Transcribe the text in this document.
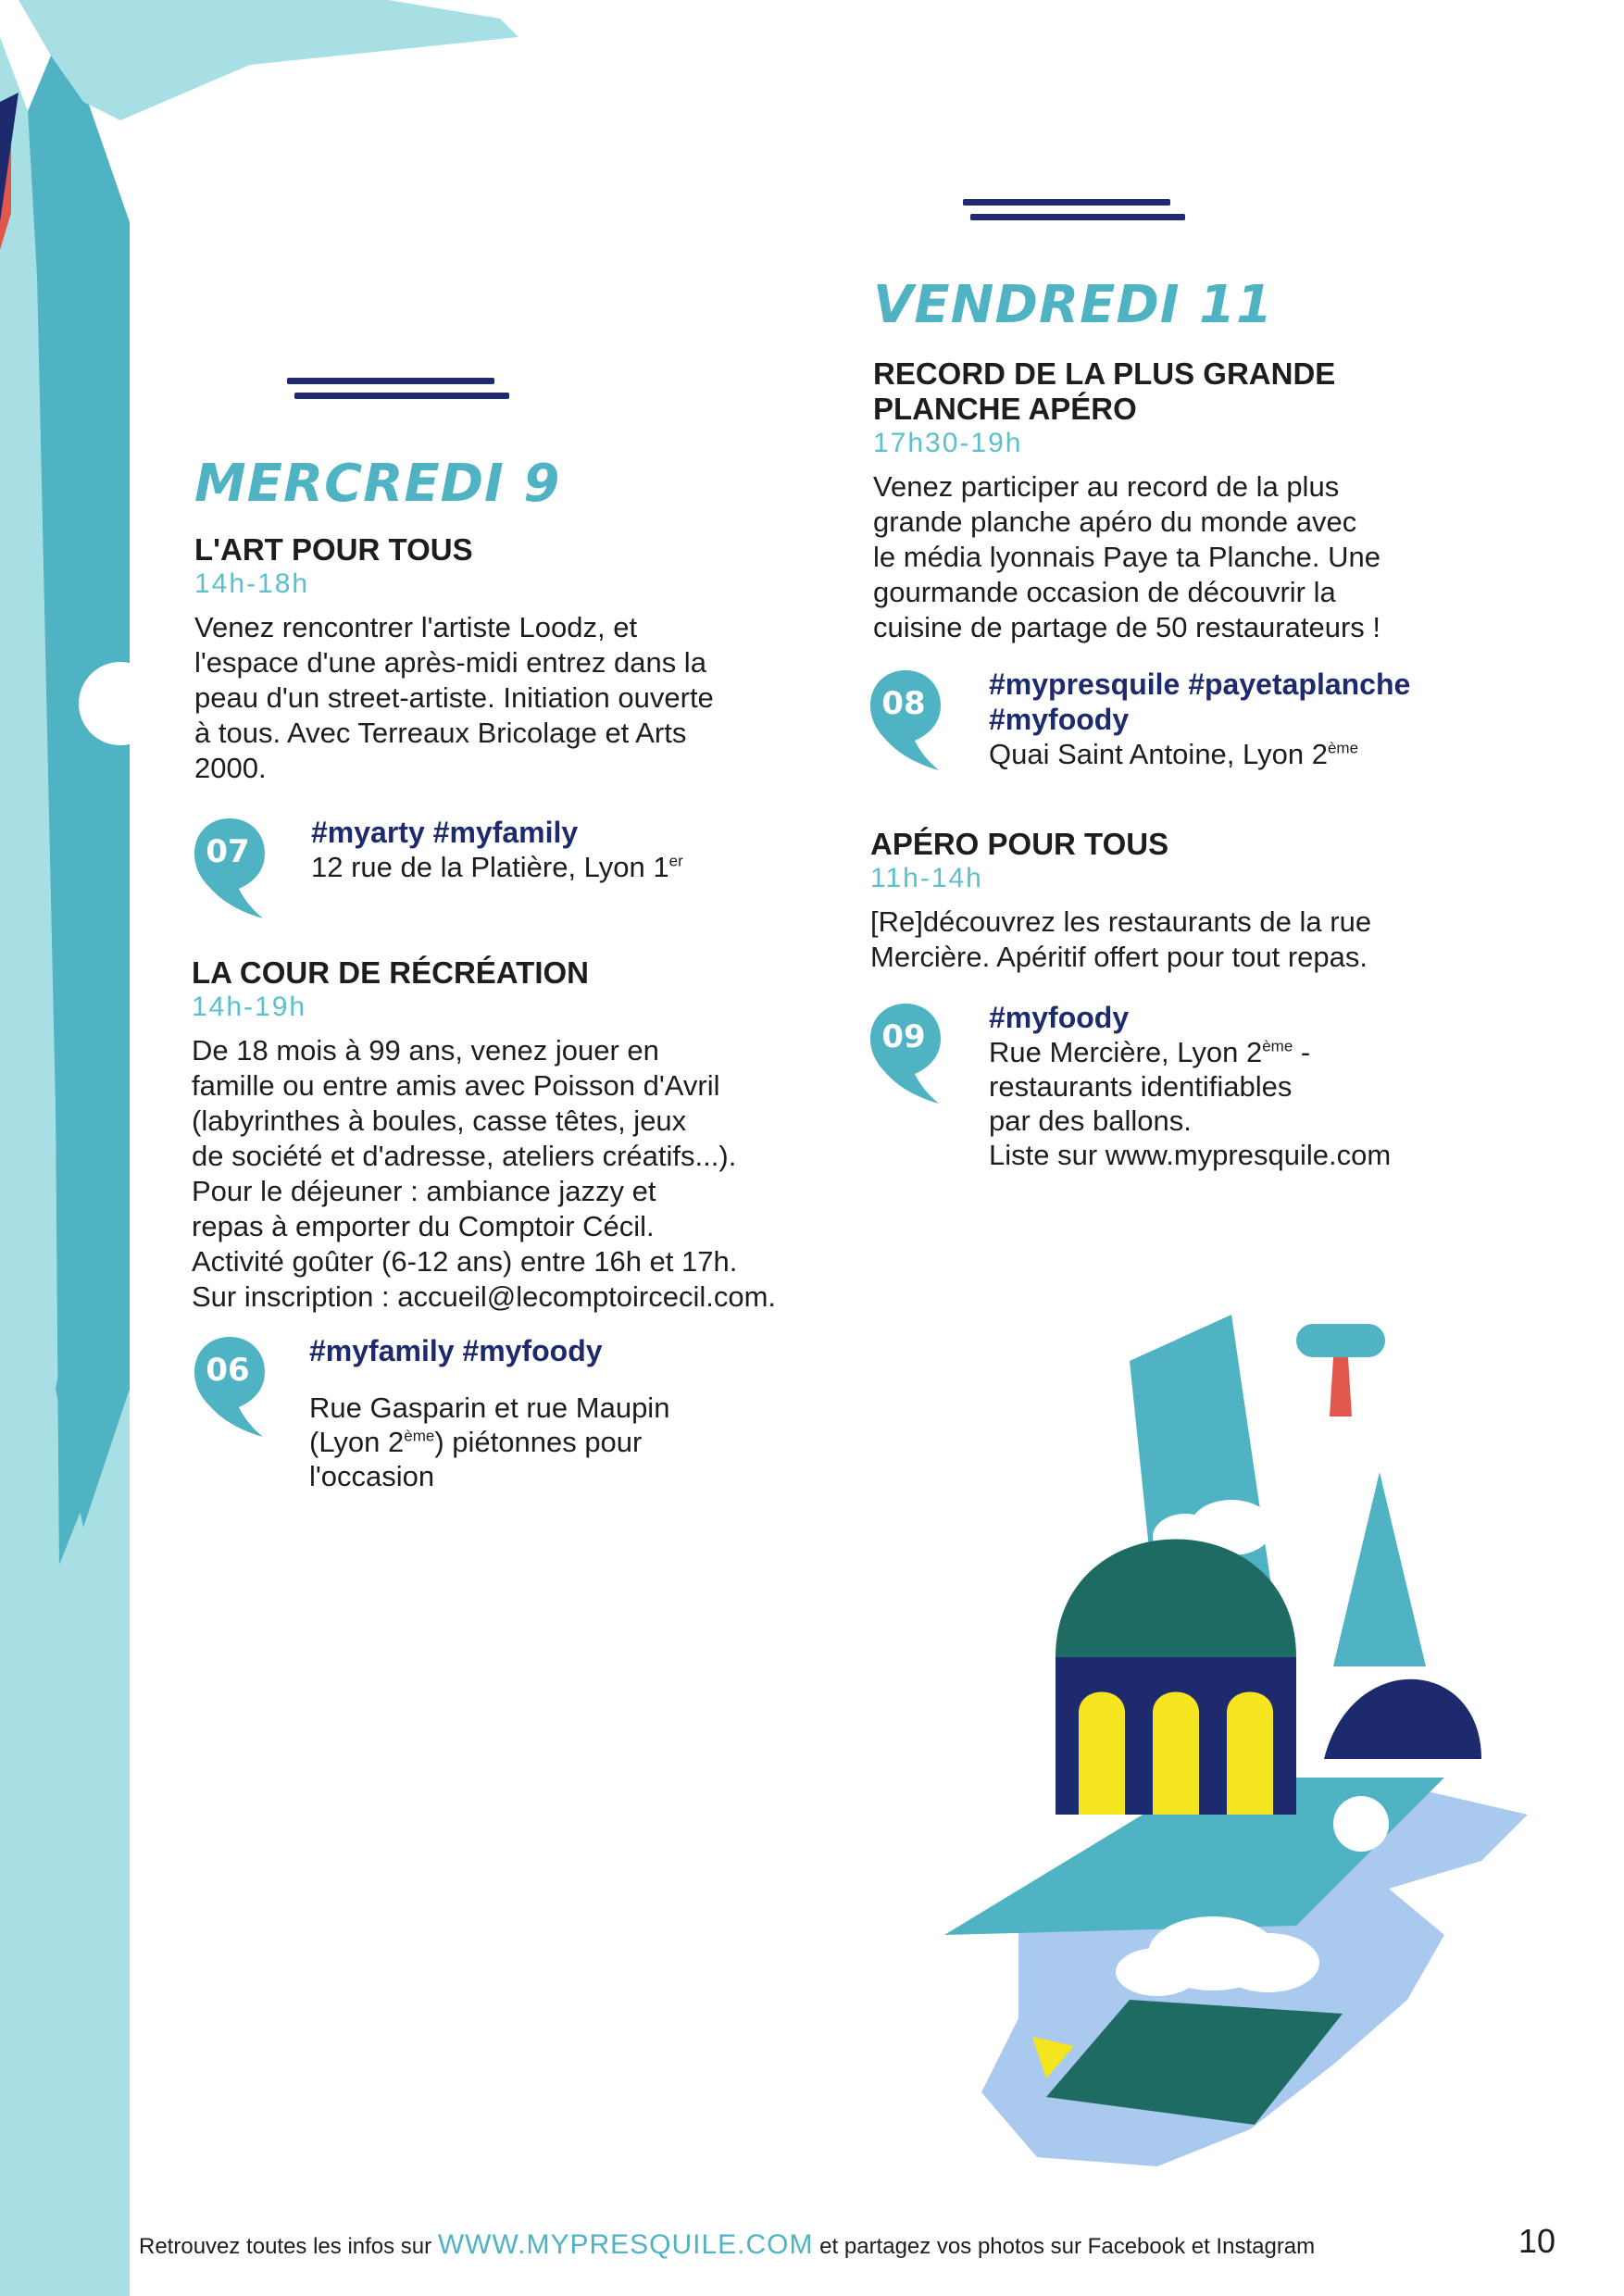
MERCREDI 9

L'ART POUR TOUS

14h-18h

Venez rencontrer l'artiste Loodz, et
l'espace d'une après-midi entrez dans la
peau d'un street-artiste. Initiation ouverte
à tous. Avec Terreaux Bricolage et Arts
2000.

07

#myarty #myfamily

12 rue de la Platière, Lyon 1er

LA COUR DE RÉCRÉATION

14h-19h

De 18 mois à 99 ans, venez jouer en
famille ou entre amis avec Poisson d'Avril
(labyrinthes à boules, casse têtes, jeux
de société et d'adresse, ateliers créatifs...).
Pour le déjeuner : ambiance jazzy et
repas à emporter du Comptoir Cécil.
Activité goûter (6-12 ans) entre 16h et 17h.
Sur inscription : accueil@lecomptoircecil.com.

06

#myfamily #myfoody

Rue Gasparin et rue Maupin
(Lyon 2ème) piétonnes pour
l'occasion

VENDREDI 11

RECORD DE LA PLUS GRANDE
PLANCHE APÉRO

17h30-19h

Venez participer au record de la plus
grande planche apéro du monde avec
le média lyonnais Paye ta Planche. Une
gourmande occasion de découvrir la
cuisine de partage de 50 restaurateurs !

08

#mypresquile #payetaplanche
#myfoody

Quai Saint Antoine, Lyon 2ème

APÉRO POUR TOUS

11h-14h

[Re]découvrez les restaurants de la rue
Mercière. Apéritif offert pour tout repas.

09

#myfoody

Rue Mercière, Lyon 2ème -
restaurants identifiables
par des ballons.
Liste sur www.mypresquile.com

Retrouvez toutes les infos sur WWW.MYPRESQUILE.COM et partagez vos photos sur Facebook et Instagram	10
